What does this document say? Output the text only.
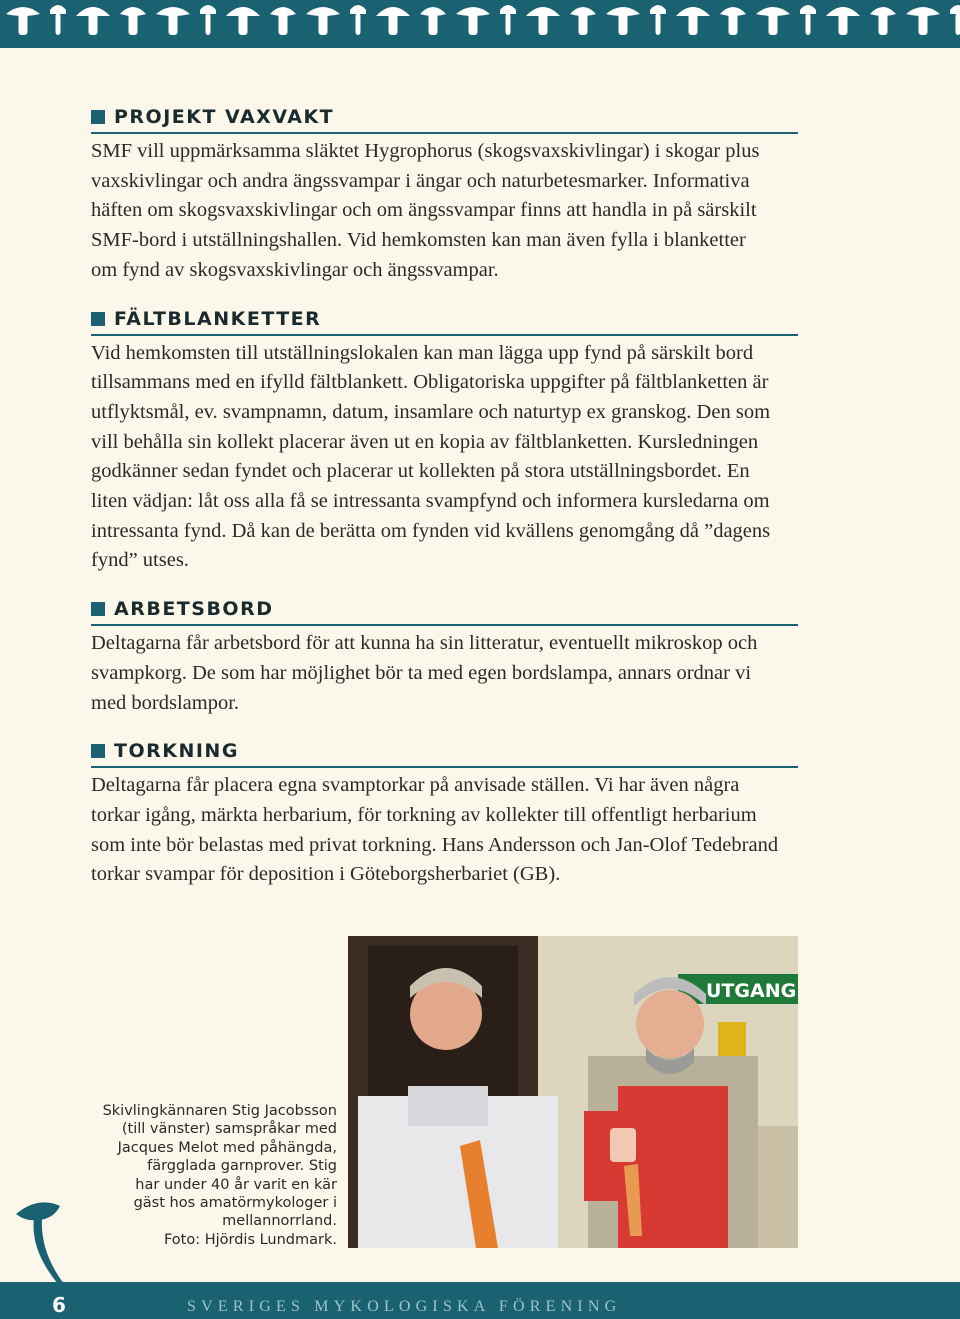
PROJEKT VAXVAKT

SMF vill uppmärksamma släktet Hygrophorus (skogsvaxskivlingar) i skogar plus
vaxskivlingar och andra ängssvampar i ängar och naturbetesmarker. Informativa
häften om skogsvaxskivlingar och om ängssvampar finns att handla in på särskilt
SMF-bord i utställningshallen. Vid hemkomsten kan man även fylla i blanketter
om fynd av skogsvaxskivlingar och ängssvampar.

FÄLTBLANKETTER

Vid hemkomsten till utställningslokalen kan man lägga upp fynd på särskilt bord
tillsammans med en ifylld fältblankett. Obligatoriska uppgifter på fältblanketten är
utflyktsmål, ev. svampnamn, datum, insamlare och naturtyp ex granskog. Den som
vill behålla sin kollekt placerar även ut en kopia av fältblanketten. Kursledningen
godkänner sedan fyndet och placerar ut kollekten på stora utställningsbordet. En
liten vädjan: låt oss alla få se intressanta svampfynd och informera kursledarna om
intressanta fynd. Då kan de berätta om fynden vid kvällens genomgång då ”dagens
fynd” utses.

ARBETSBORD

Deltagarna får arbetsbord för att kunna ha sin litteratur, eventuellt mikroskop och
svampkorg. De som har möjlighet bör ta med egen bordslampa, annars ordnar vi
med bordslampor.

TORKNING

Deltagarna får placera egna svamptorkar på anvisade ställen. Vi har även några
torkar igång, märkta herbarium, för torkning av kollekter till offentligt herbarium
som inte bör belastas med privat torkning. Hans Andersson och Jan-Olof Tedebrand
torkar svampar för deposition i Göteborgsherbariet (GB).

UTGANG
Skivlingkännaren Stig Jacobsson
(till vänster) samspråkar med
Jacques Melot med påhängda,
färgglada garnprover. Stig
har under 40 år varit en kär
gäst hos amatörmykologer i
mellannorrland.
Foto: Hjördis Lundmark.
6	SVERIGES MYKOLOGISKA FÖRENING
